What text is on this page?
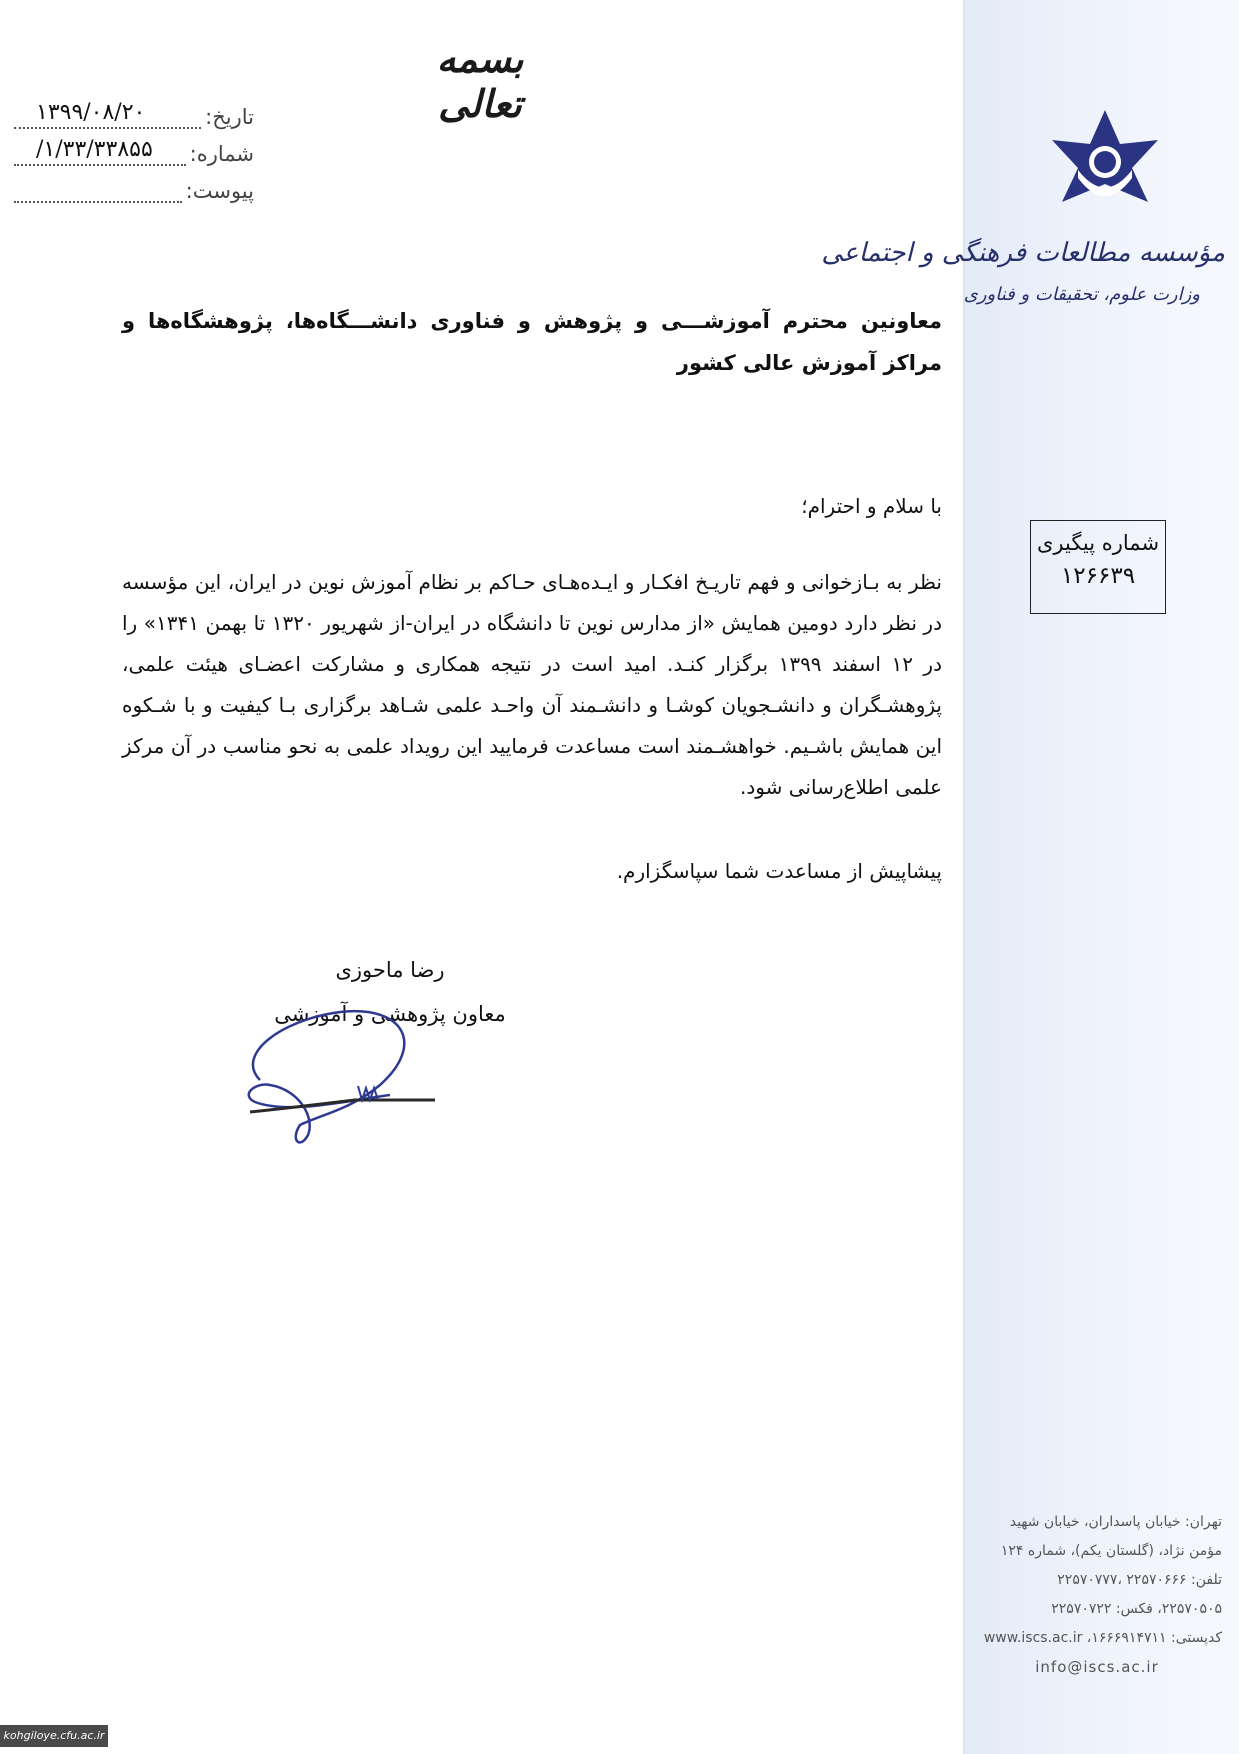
مؤسسه مطالعات فرهنگی و اجتماعی
وزارت علوم، تحقیقات و فناوری
تهران: خیابان پاسداران، خیابان شهید
مؤمن نژاد، (گلستان یکم)، شماره ۱۲۴
تلفن: ۲۲۵۷۰۶۶۶ ،۲۲۵۷۰۷۷۷
۲۲۵۷۰۵۰۵، فکس: ۲۲۵۷۰۷۲۲
کدپستی: ۱۶۶۶۹۱۴۷۱۱، www.iscs.ac.ir
info@iscs.ac.ir
شماره پیگیری
۱۲۶۶۳۹
بسمه تعالی
تاریخ:
۱۳۹۹/۰۸/۲۰
شماره:
/۱/۳۳/۳۳۸۵۵
پیوست:
معاونین محترم آموزشـــی و پژوهش و فناوری دانشـــگاه‌ها، پژوهشگاه‌ها و مراکز آموزش عالی کشور
با سلام و احترام؛
نظر به بـازخوانی و فهم تاریـخ افکـار و ایـده‌هـای حـاکم بر نظام آموزش نوین در ایران، این مؤسسه در نظر دارد دومین همایش «از مدارس نوین تا دانشگاه در ایران-از شهریور ۱۳۲۰ تا بهمن ۱۳۴۱» را در ۱۲ اسفند ۱۳۹۹ برگزار کنـد. امید است در نتیجه همکاری و مشارکت اعضـای هیئت علمی، پژوهشـگران و دانشـجویان کوشـا و دانشـمند آن واحـد علمی شـاهد برگزاری بـا کیفیت و با شـکوه این همایش باشـیم. خواهشـمند است مساعدت فرمایید این رویداد علمی به نحو مناسب در آن مرکز علمی اطلاع‌رسانی شود.
پیشاپیش از مساعدت شما سپاسگزارم.
رضا ماحوزی
معاون پژوهشی و آموزشی
kohgiloye.cfu.ac.ir
